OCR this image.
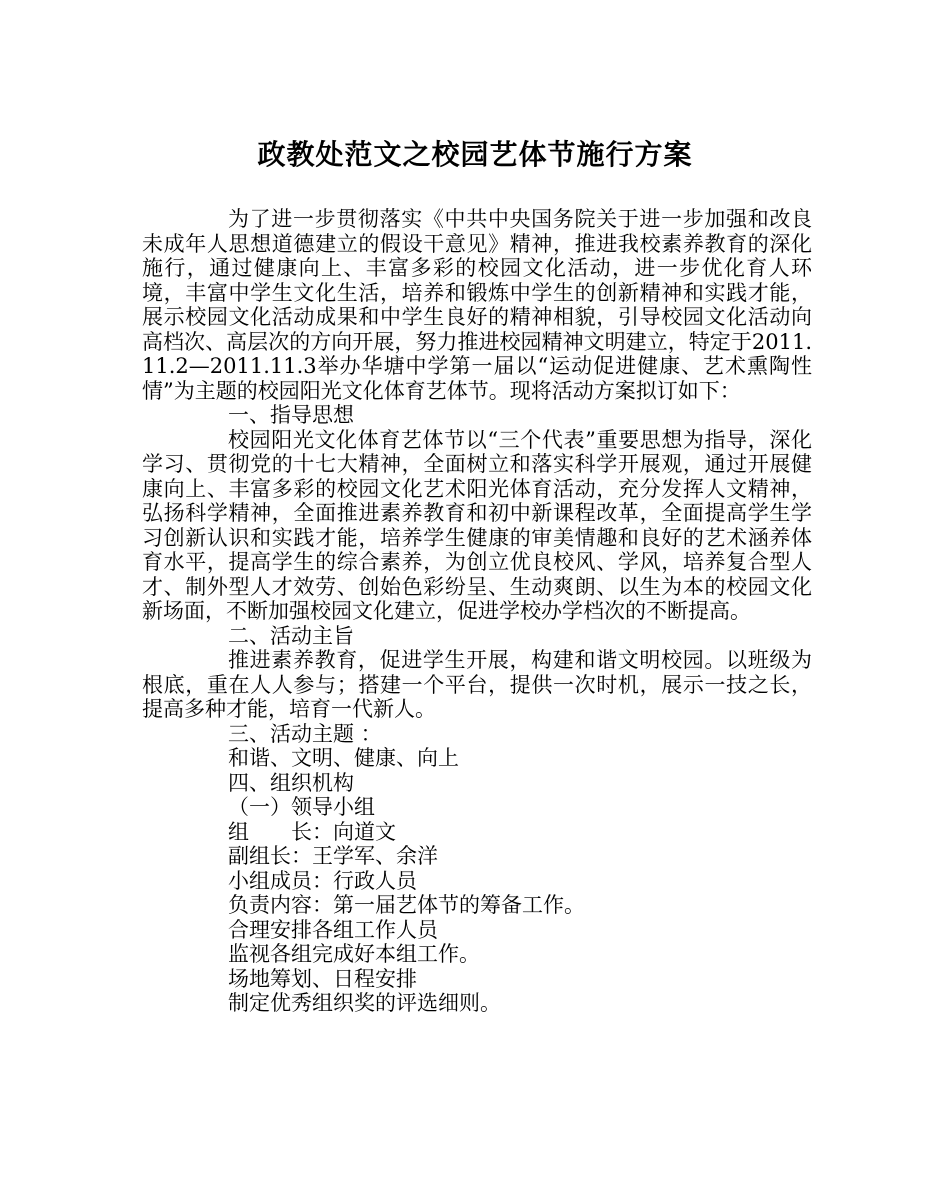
政教处范文之校园艺体节施行方案

为了进一步贯彻落实《中共中央国务院关于进一步加强和改良未成年人思想道德建立的假设干意见》精神，推进我校素养教育的深化施行，通过健康向上、丰富多彩的校园文化活动，进一步优化育人环境，丰富中学生文化生活，培养和锻炼中学生的创新精神和实践才能，展示校园文化活动成果和中学生良好的精神相貌，引导校园文化活动向高档次、高层次的方向开展，努力推进校园精神文明建立，特定于2011.11.2—2011.11.3举办华塘中学第一届以“运动促进健康、艺术熏陶性情”为主题的校园阳光文化体育艺体节。现将活动方案拟订如下：

一、指导思想

校园阳光文化体育艺体节以“三个代表”重要思想为指导，深化学习、贯彻党的十七大精神，全面树立和落实科学开展观，通过开展健康向上、丰富多彩的校园文化艺术阳光体育活动，充分发挥人文精神，弘扬科学精神，全面推进素养教育和初中新课程改革，全面提高学生学习创新认识和实践才能，培养学生健康的审美情趣和良好的艺术涵养体育水平，提高学生的综合素养，为创立优良校风、学风，培养复合型人才、制外型人才效劳、创始色彩纷呈、生动爽朗、以生为本的校园文化新场面，不断加强校园文化建立，促进学校办学档次的不断提高。

二、活动主旨

推进素养教育，促进学生开展，构建和谐文明校园。以班级为根底，重在人人参与；搭建一个平台，提供一次时机，展示一技之长，提高多种才能，培育一代新人。

三、活动主题 ：

和谐、文明、健康、向上

四、组织机构

（一）领导小组

组　　长：向道文

副组长：王学军、余洋

小组成员：行政人员

负责内容：第一届艺体节的筹备工作。

合理安排各组工作人员

监视各组完成好本组工作。

场地筹划、日程安排

制定优秀组织奖的评选细则。
